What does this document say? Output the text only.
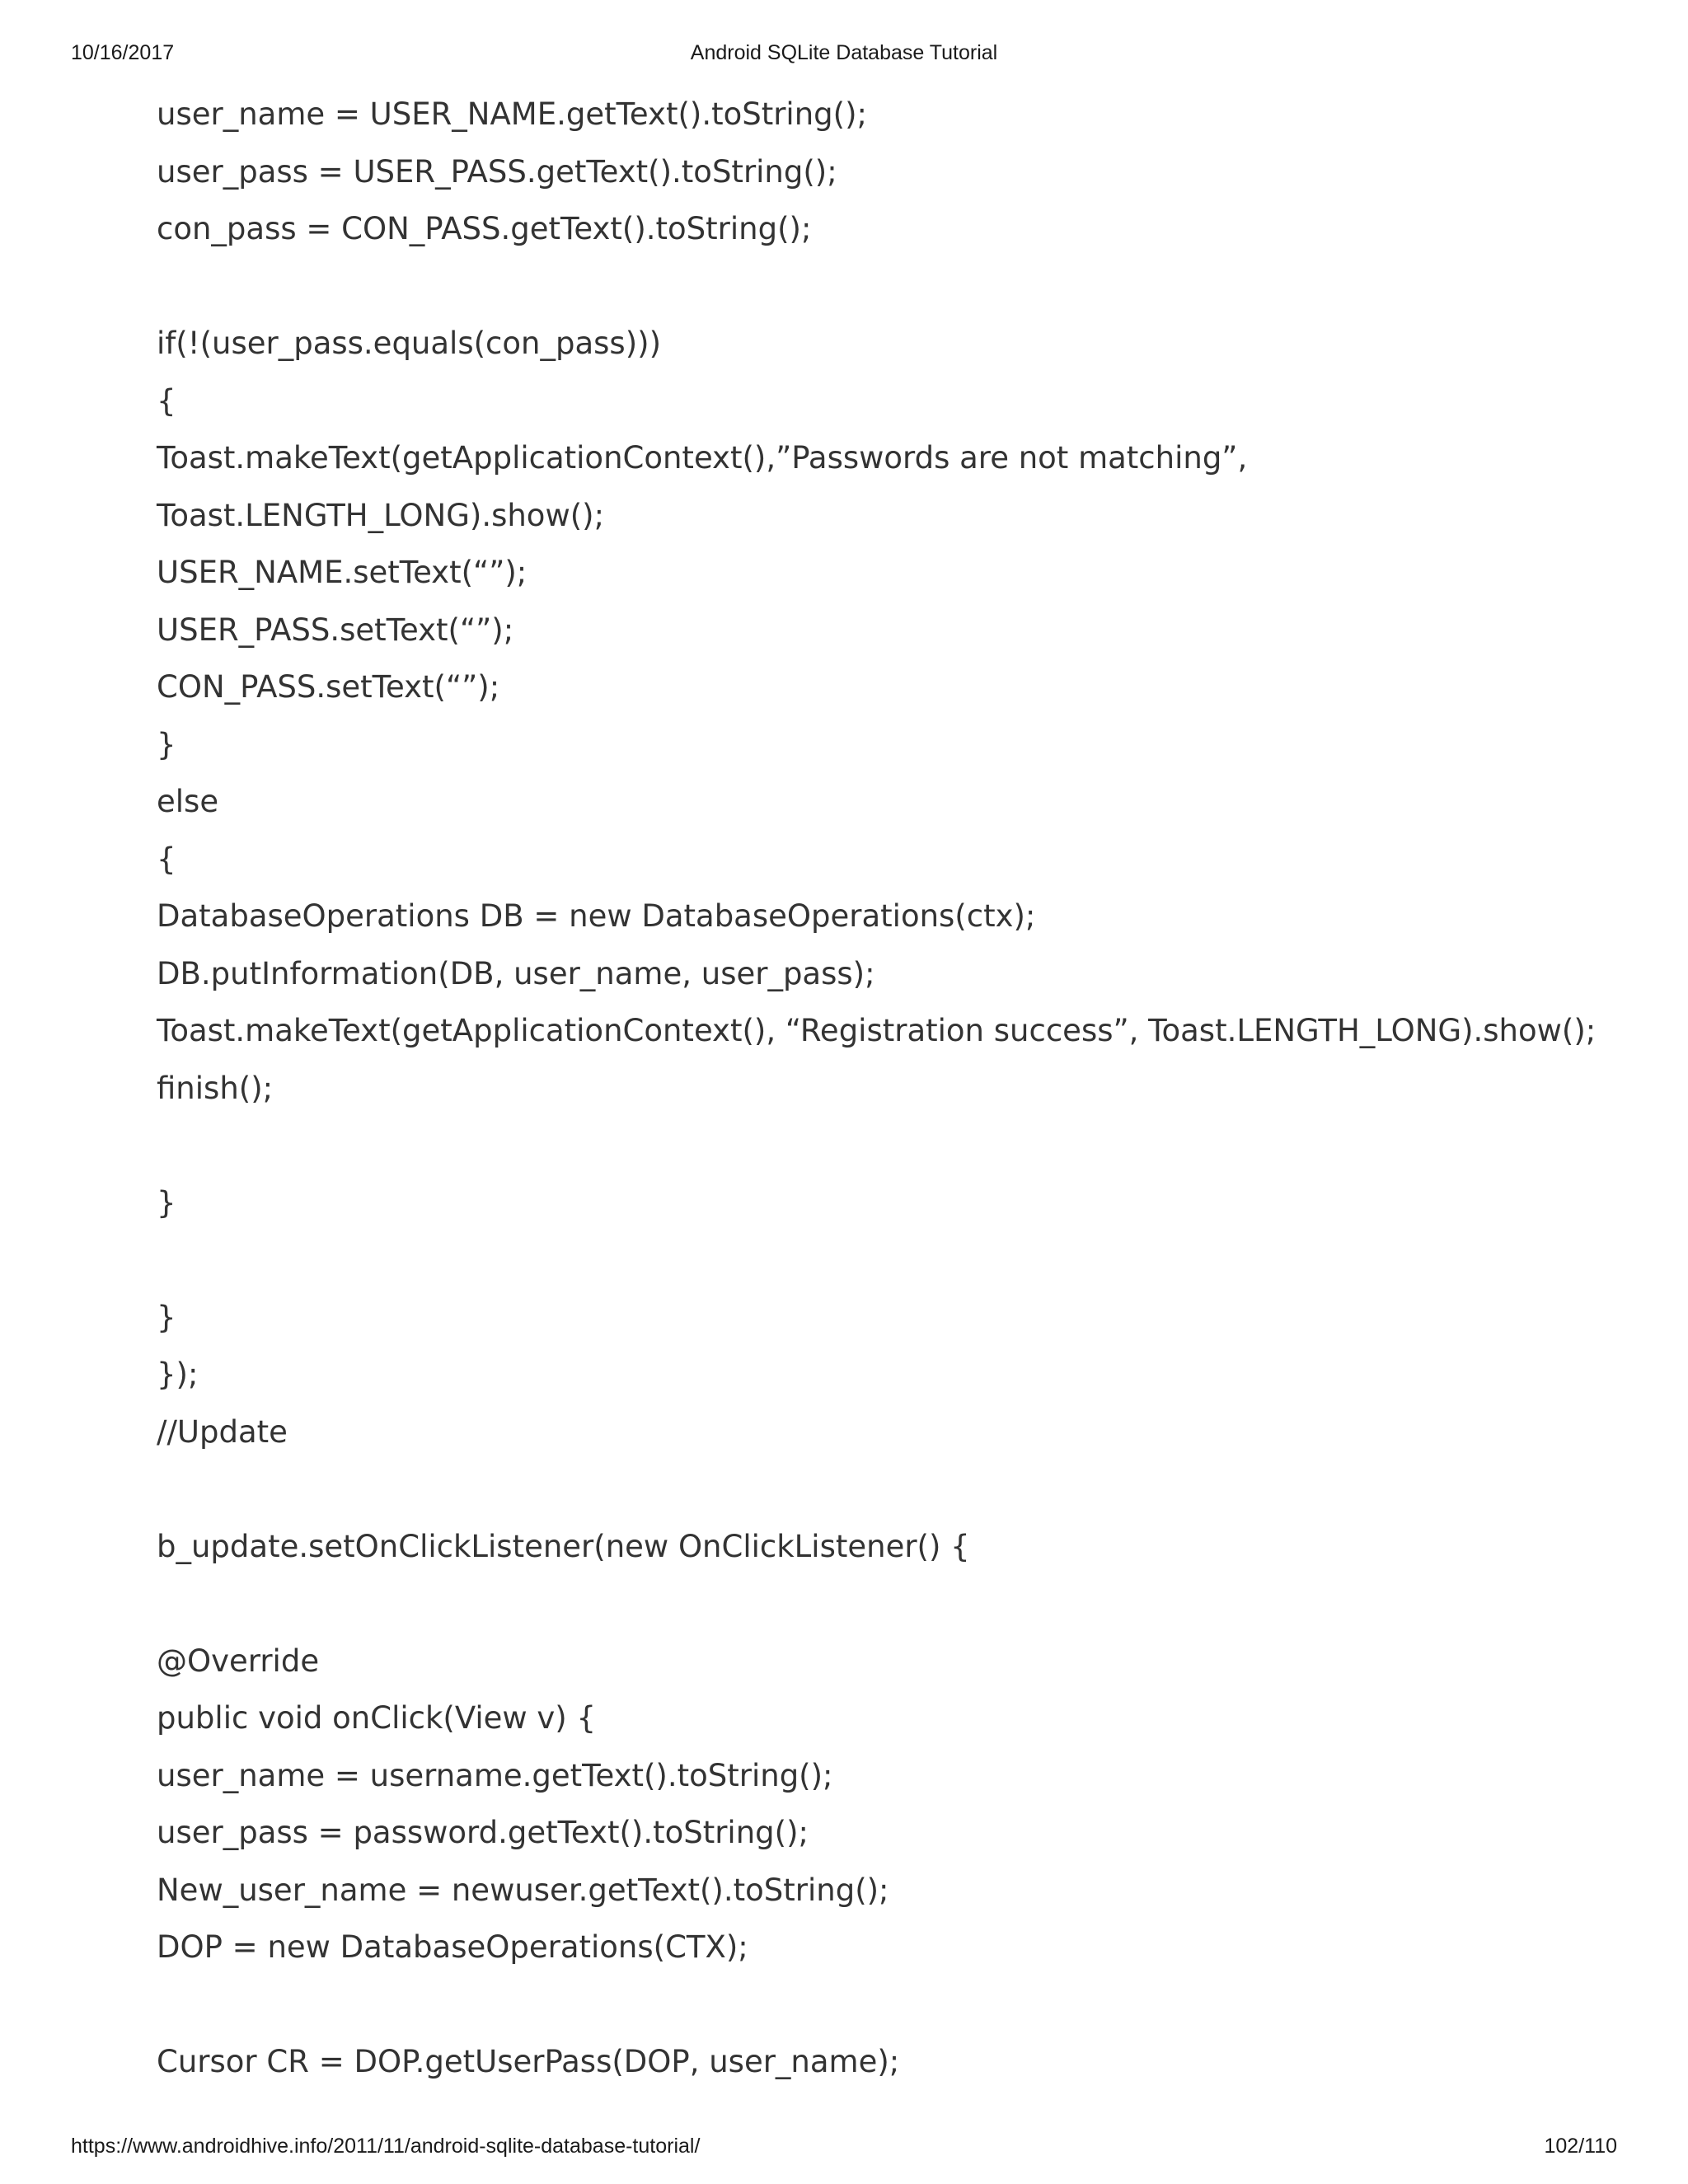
10/16/2017	Android SQLite Database Tutorial
user_name = USER_NAME.getText().toString();
user_pass = USER_PASS.getText().toString();
con_pass = CON_PASS.getText().toString();
if(!(user_pass.equals(con_pass)))
{
Toast.makeText(getApplicationContext(),”Passwords are not matching”,
Toast.LENGTH_LONG).show();
USER_NAME.setText(“”);
USER_PASS.setText(“”);
CON_PASS.setText(“”);
}
else
{
DatabaseOperations DB = new DatabaseOperations(ctx);
DB.putInformation(DB, user_name, user_pass);
Toast.makeText(getApplicationContext(), “Registration success”, Toast.LENGTH_LONG).show();
finish();
}
}
});
//Update
b_update.setOnClickListener(new OnClickListener() {
@Override
public void onClick(View v) {
user_name = username.getText().toString();
user_pass = password.getText().toString();
New_user_name = newuser.getText().toString();
DOP = new DatabaseOperations(CTX);
Cursor CR = DOP.getUserPass(DOP, user_name);
https://www.androidhive.info/2011/11/android-sqlite-database-tutorial/	102/110
